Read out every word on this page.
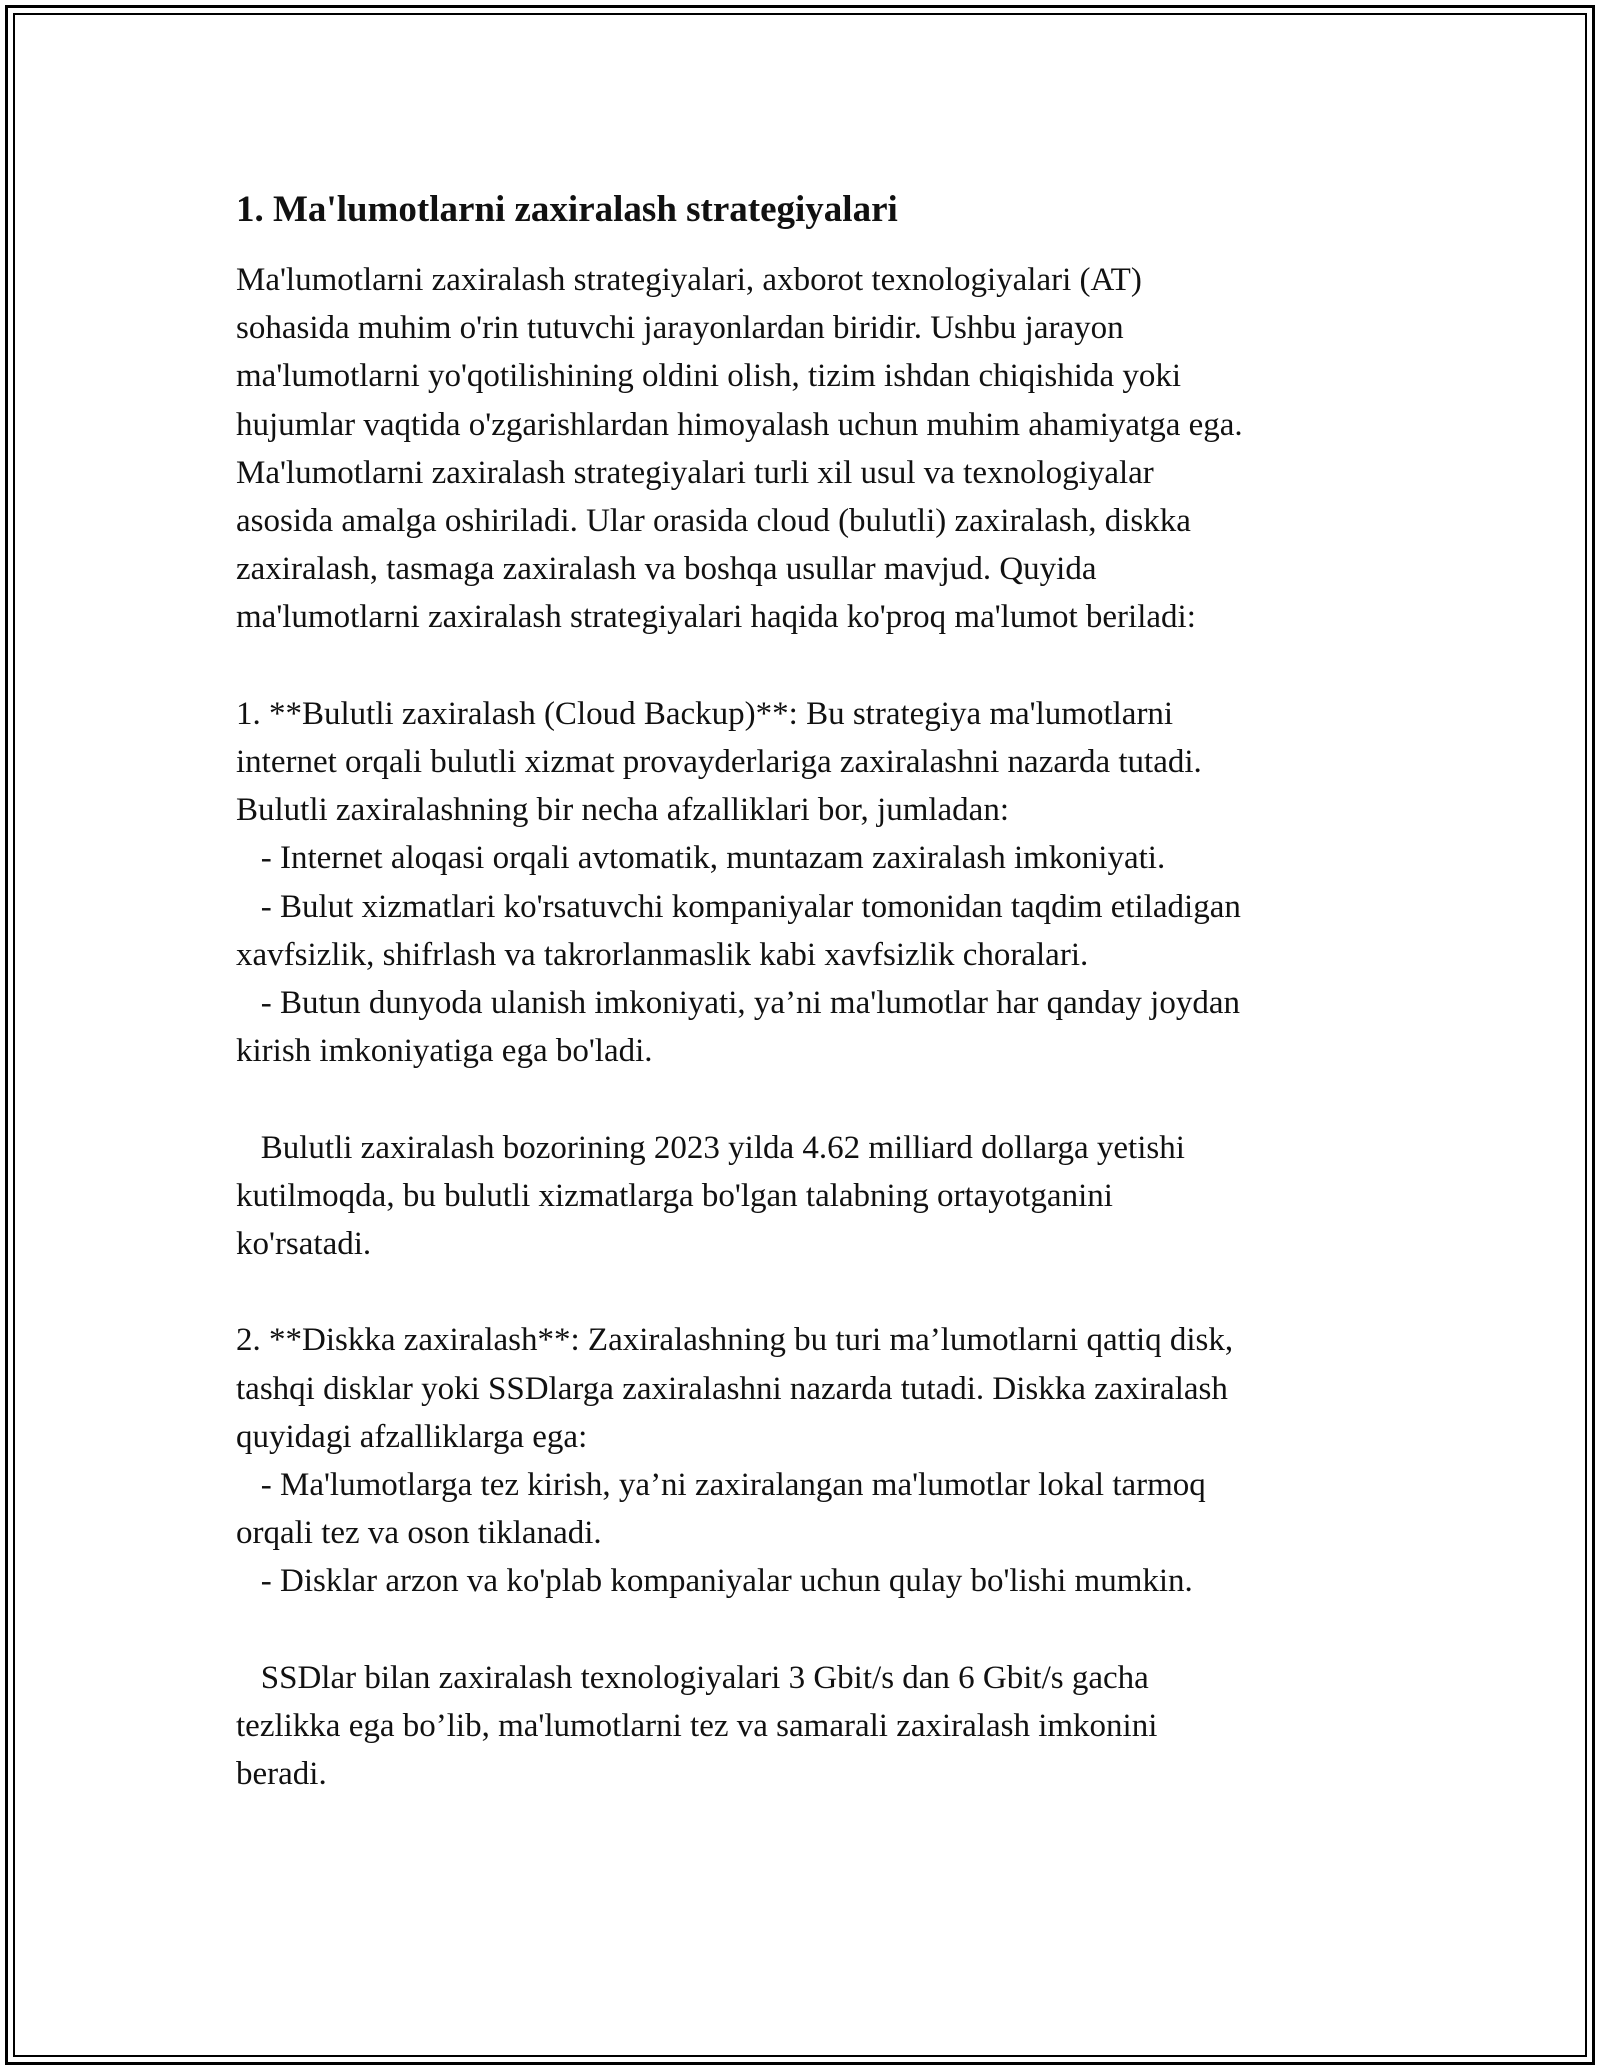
1. Ma'lumotlarni zaxiralash strategiyalari

Ma'lumotlarni zaxiralash strategiyalari, axborot texnologiyalari (AT)
sohasida muhim o'rin tutuvchi jarayonlardan biridir. Ushbu jarayon
ma'lumotlarni yo'qotilishining oldini olish, tizim ishdan chiqishida yoki
hujumlar vaqtida o'zgarishlardan himoyalash uchun muhim ahamiyatga ega.
Ma'lumotlarni zaxiralash strategiyalari turli xil usul va texnologiyalar
asosida amalga oshiriladi. Ular orasida cloud (bulutli) zaxiralash, diskka
zaxiralash, tasmaga zaxiralash va boshqa usullar mavjud. Quyida
ma'lumotlarni zaxiralash strategiyalari haqida ko'proq ma'lumot beriladi:

1. **Bulutli zaxiralash (Cloud Backup)**: Bu strategiya ma'lumotlarni
internet orqali bulutli xizmat provayderlariga zaxiralashni nazarda tutadi.
Bulutli zaxiralashning bir necha afzalliklari bor, jumladan:
- Internet aloqasi orqali avtomatik, muntazam zaxiralash imkoniyati.
- Bulut xizmatlari ko'rsatuvchi kompaniyalar tomonidan taqdim etiladigan
xavfsizlik, shifrlash va takrorlanmaslik kabi xavfsizlik choralari.
- Butun dunyoda ulanish imkoniyati, ya’ni ma'lumotlar har qanday joydan
kirish imkoniyatiga ega bo'ladi.

Bulutli zaxiralash bozorining 2023 yilda 4.62 milliard dollarga yetishi
kutilmoqda, bu bulutli xizmatlarga bo'lgan talabning ortayotganini
ko'rsatadi.

2. **Diskka zaxiralash**: Zaxiralashning bu turi ma’lumotlarni qattiq disk,
tashqi disklar yoki SSDlarga zaxiralashni nazarda tutadi. Diskka zaxiralash
quyidagi afzalliklarga ega:
- Ma'lumotlarga tez kirish, ya’ni zaxiralangan ma'lumotlar lokal tarmoq
orqali tez va oson tiklanadi.
- Disklar arzon va ko'plab kompaniyalar uchun qulay bo'lishi mumkin.

SSDlar bilan zaxiralash texnologiyalari 3 Gbit/s dan 6 Gbit/s gacha
tezlikka ega bo’lib, ma'lumotlarni tez va samarali zaxiralash imkonini
beradi.
